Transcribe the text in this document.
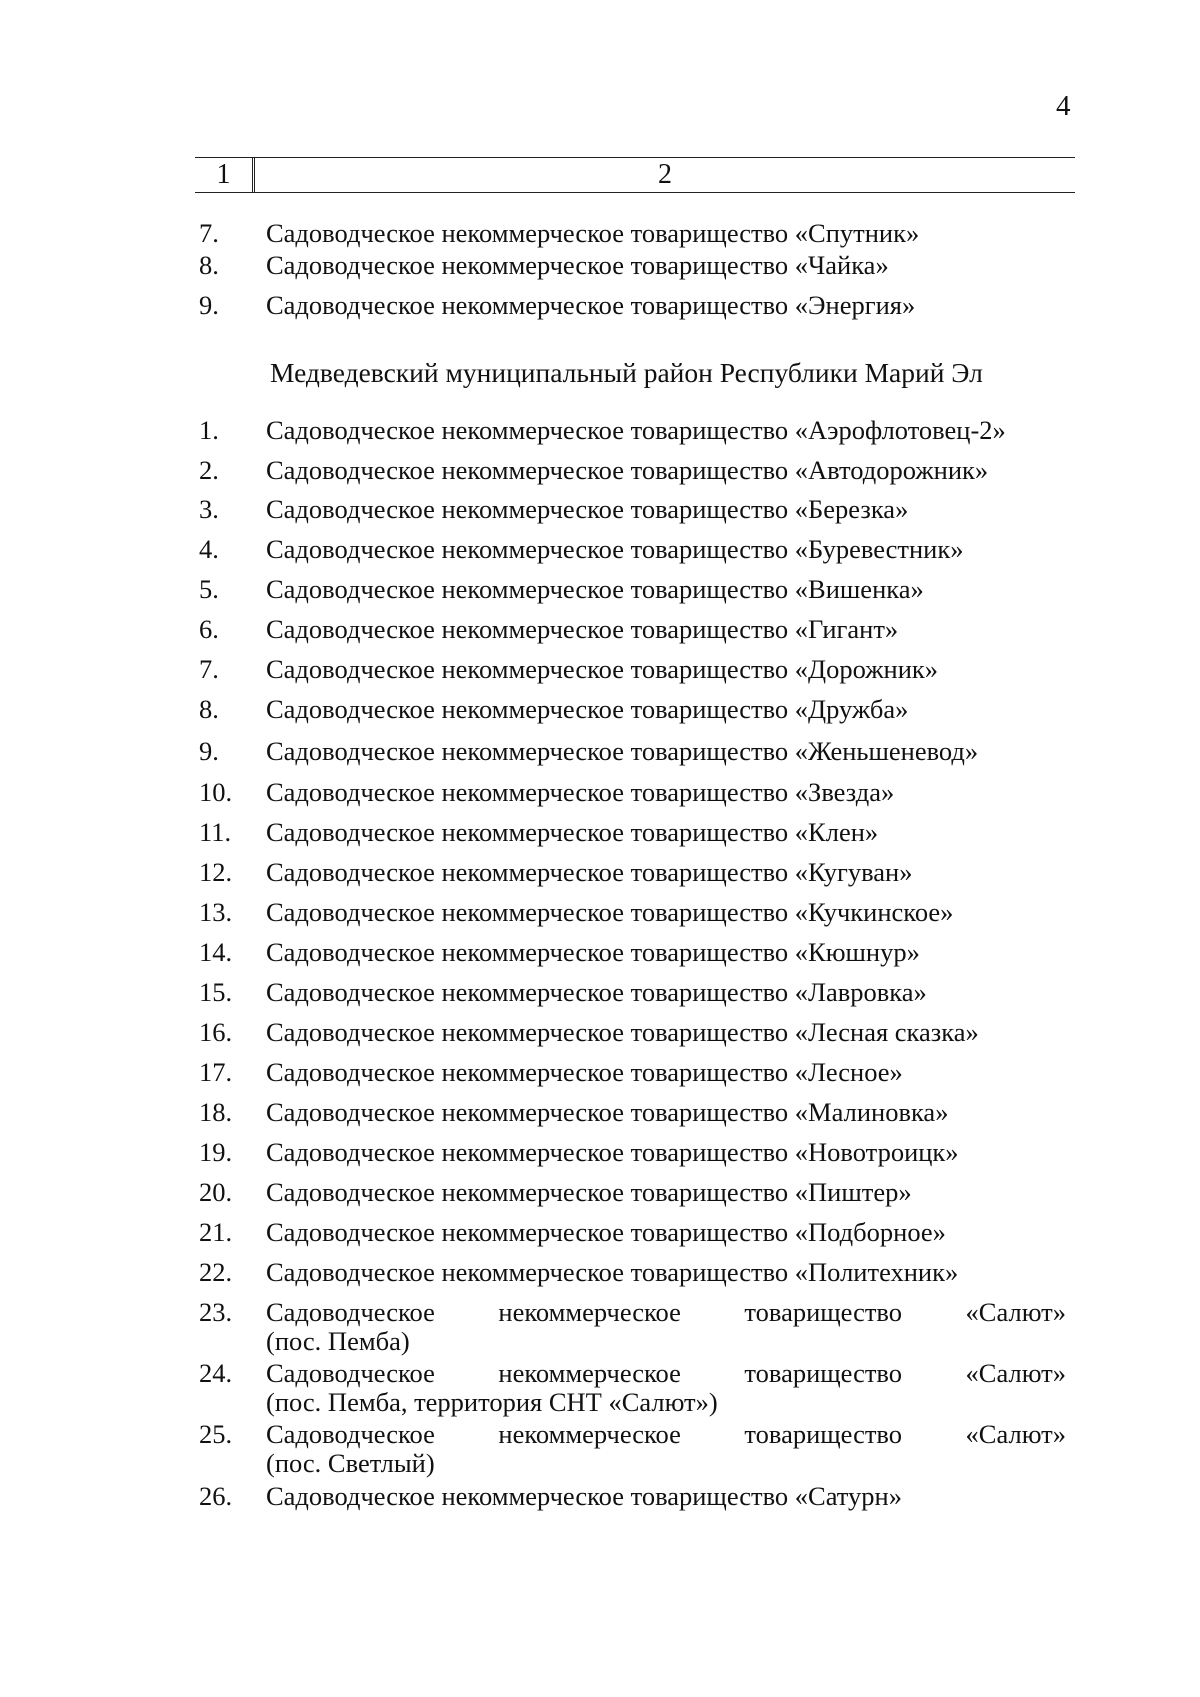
4
1	2
7.	Садоводческое некоммерческое товарищество «Спутник»
8.	Садоводческое некоммерческое товарищество «Чайка»
9.	Садоводческое некоммерческое товарищество «Энергия»
Медведевский муниципальный район Республики Марий Эл
1.	Садоводческое некоммерческое товарищество «Аэрофлотовец-2»
2.	Садоводческое некоммерческое товарищество «Автодорожник»
3.	Садоводческое некоммерческое товарищество «Березка»
4.	Садоводческое некоммерческое товарищество «Буревестник»
5.	Садоводческое некоммерческое товарищество «Вишенка»
6.	Садоводческое некоммерческое товарищество «Гигант»
7.	Садоводческое некоммерческое товарищество «Дорожник»
8.	Садоводческое некоммерческое товарищество «Дружба»
9.	Садоводческое некоммерческое товарищество «Женьшеневод»
10.	Садоводческое некоммерческое товарищество «Звезда»
11.	Садоводческое некоммерческое товарищество «Клен»
12.	Садоводческое некоммерческое товарищество «Кугуван»
13.	Садоводческое некоммерческое товарищество «Кучкинское»
14.	Садоводческое некоммерческое товарищество «Кюшнур»
15.	Садоводческое некоммерческое товарищество «Лавровка»
16.	Садоводческое некоммерческое товарищество «Лесная сказка»
17.	Садоводческое некоммерческое товарищество «Лесное»
18.	Садоводческое некоммерческое товарищество «Малиновка»
19.	Садоводческое некоммерческое товарищество «Новотроицк»
20.	Садоводческое некоммерческое товарищество «Пиштер»
21.	Садоводческое некоммерческое товарищество «Подборное»
22.	Садоводческое некоммерческое товарищество «Политехник»
23.	Садоводческое некоммерческое товарищество «Салют»
(пос. Пемба)
24.	Садоводческое некоммерческое товарищество «Салют»
(пос. Пемба, территория СНТ «Салют»)
25.	Садоводческое некоммерческое товарищество «Салют»
(пос. Светлый)
26.	Садоводческое некоммерческое товарищество «Сатурн»
